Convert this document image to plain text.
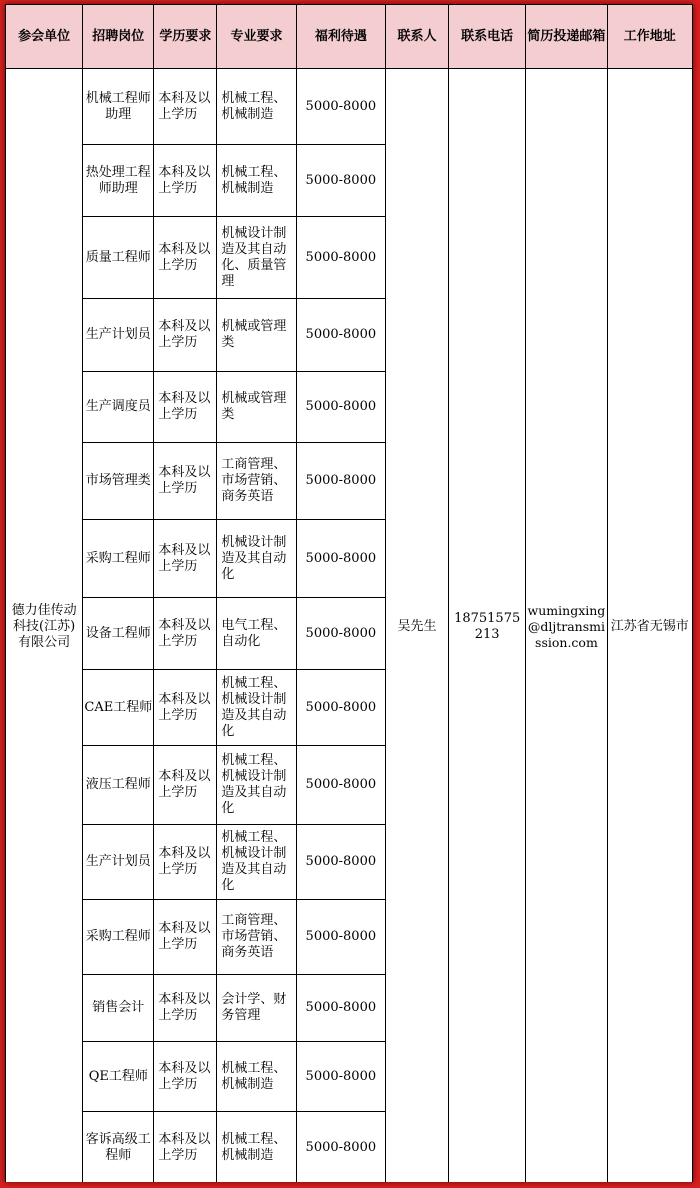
参会单位	招聘岗位	学历要求	专业要求	福利待遇	联系人	联系电话	简历投递邮箱	工作地址
德力佳传动科技(江苏)有限公司	机械工程师助理	本科及以上学历	机械工程、机械制造	5000-8000	吴先生	18751575213	wumingxing@dljtransmission.com	江苏省无锡市
	热处理工程师助理	本科及以上学历	机械工程、机械制造	5000-8000				
	质量工程师	本科及以上学历	机械设计制造及其自动化、质量管理	5000-8000				
	生产计划员	本科及以上学历	机械或管理类	5000-8000				
	生产调度员	本科及以上学历	机械或管理类	5000-8000				
	市场管理类	本科及以上学历	工商管理、市场营销、商务英语	5000-8000				
	采购工程师	本科及以上学历	机械设计制造及其自动化	5000-8000				
	设备工程师	本科及以上学历	电气工程、自动化	5000-8000				
	CAE工程师	本科及以上学历	机械工程、机械设计制造及其自动化	5000-8000				
	液压工程师	本科及以上学历	机械工程、机械设计制造及其自动化	5000-8000				
	生产计划员	本科及以上学历	机械工程、机械设计制造及其自动化	5000-8000				
	采购工程师	本科及以上学历	工商管理、市场营销、商务英语	5000-8000				
	销售会计	本科及以上学历	会计学、财务管理	5000-8000				
	QE工程师	本科及以上学历	机械工程、机械制造	5000-8000				
	客诉高级工程师	本科及以上学历	机械工程、机械制造	5000-8000				
